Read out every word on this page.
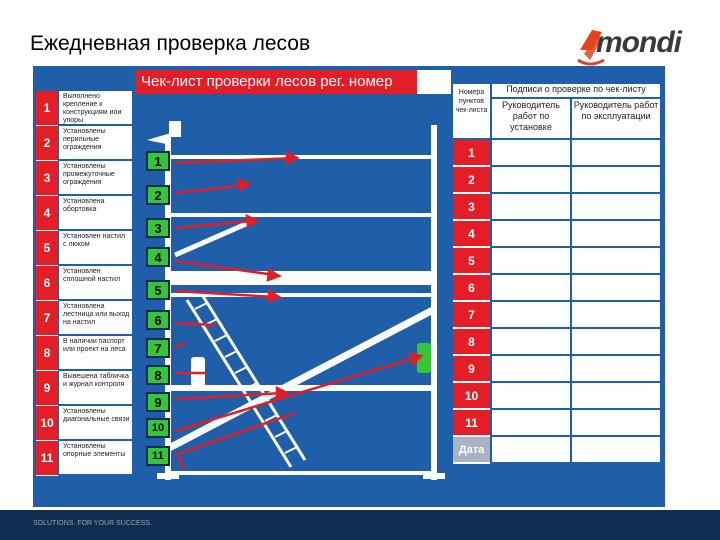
SOLUTIONS. FOR YOUR SUCCESS.
Ежедневная проверка лесов	mondi
Чек-лист проверки лесов рег. номер
1
2
3
4
5
6
7
8
9
10
11
1
Выполнено крепление к конструкциям или упоры
2
Установлены перильные ограждения
3
Установлены промежуточные ограждения
4
Установлена обортовка
5
Установлен настил с люком
6
Установлен сплошной настил
7
Установлена лестница или выход на настил
8
В наличии паспорт или проект на леса
9
Вывешена табличка и журнал контроля
10
Установлены диагональные связи
11
Установлены опорные элементы
Номера пунктов чек-листа
Подписи о проверке по чек-листу
Руководитель работ по установке
Руководитель работ по эксплуатации
1
2
3
4
5
6
7
8
9
10
11
Дата
